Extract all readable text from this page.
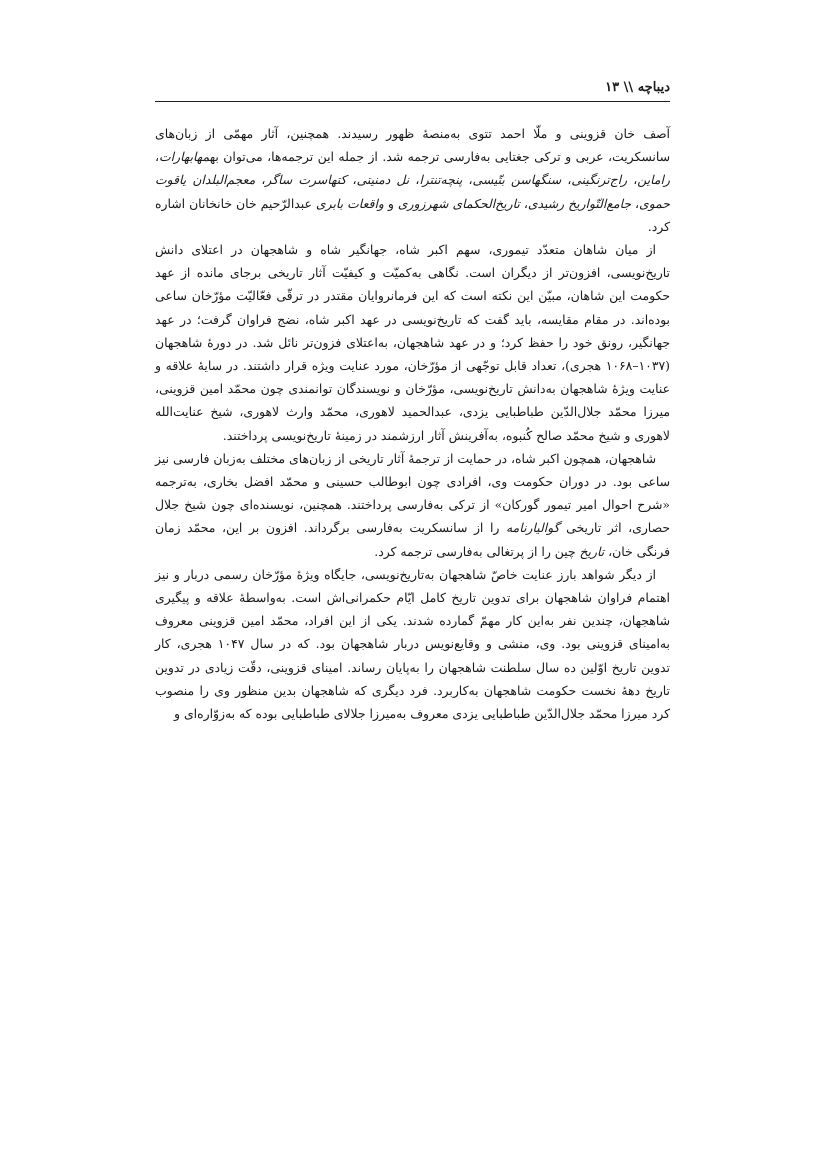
دیباچه \\ ۱۳

آصف خان قزوینی و ملّا احمد تتوی به‌منصهٔ ظهور رسیدند. همچنین، آثار مهمّی از زبان‌های سانسکریت، عربی و ترکی جغتایی به‌فارسی ترجمه شد. از جمله این ترجمه‌ها، می‌توان بهمهابهارات، راماین، راج‌ترنگینی، سنگهاسن بتّیسی، پنچه‌تنترا، نل دمنیتی، کتهاسرت ساگر، معجم‌البلدان یاقوت حموی، جامع‌التّواریخ رشیدی، تاریخ‌الحکمای شهرزوری و واقعات بابری عبدالرّحیم خان خانخانان اشاره کرد.

از میان شاهان متعدّد تیموری، سهم اکبر شاه، جهانگیر شاه و شاهجهان در اعتلای دانش تاریخ‌نویسی، افزون‌تر از دیگران است. نگاهی به‌کمیّت و کیفیّت آثار تاریخی برجای مانده از عهد حکومت این شاهان، مبیّن این نکته است که این فرمانروایان مقتدر در ترقّی فعّالیّت مؤرّخان ساعی بوده‌اند. در مقام مقایسه، باید گفت که تاریخ‌نویسی در عهد اکبر شاه، نضج فراوان گرفت؛ در عهد جهانگیر، رونق خود را حفظ کرد؛ و در عهد شاهجهان، به‌اعتلای فزون‌تر نائل شد. در دورهٔ شاهجهان (۱۰۳۷–۱۰۶۸ هجری)، تعداد قابل توجّهی از مؤرّخان، مورد عنایت ویژه قرار داشتند. در سایهٔ علاقه و عنایت ویژهٔ شاهجهان به‌دانش تاریخ‌نویسی، مؤرّخان و نویسندگان توانمندی چون محمّد امین قزوینی، میرزا محمّد جلال‌الدّین طباطبایی یزدی، عبدالحمید لاهوری، محمّد وارث لاهوری، شیخ عنایت‌الله لاهوری و شیخ محمّد صالح کُنبوه، به‌آفرینش آثار ارزشمند در زمینهٔ تاریخ‌نویسی پرداختند.

شاهجهان، همچون اکبر شاه، در حمایت از ترجمهٔ آثار تاریخی از زبان‌های مختلف به‌زبان فارسی نیز ساعی بود. در دوران حکومت وی، افرادی چون ابوطالب حسینی و محمّد افضل بخاری، به‌ترجمه «شرح احوال امیر تیمور گورکان» از ترکی به‌فارسی پرداختند. همچنین، نویسنده‌ای چون شیخ جلال حصاری، اثر تاریخی گوالیارنامه را از سانسکریت به‌فارسی برگرداند. افزون بر این، محمّد زمان فرنگی خان، تاریخ چین را از پرتغالی به‌فارسی ترجمه کرد.

از دیگر شواهد بارز عنایت خاصّ شاهجهان به‌تاریخ‌نویسی، جایگاه ویژهٔ مؤرّخان رسمی دربار و نیز اهتمام فراوان شاهجهان برای تدوین تاریخ کامل ایّام حکمرانی‌اش است. به‌واسطهٔ علاقه و پیگیری شاهجهان، چندین نفر به‌این کار مهمّ گمارده شدند. یکی از این افراد، محمّد امین قزوینی معروف به‌امینای قزوینی بود. وی، منشی و وقایع‌نویس دربار شاهجهان بود. که در سال ۱۰۴۷ هجری، کار تدوین تاریخ اوّلین ده سال سلطنت شاهجهان را به‌پایان رساند. امینای قزوینی، دقّت زیادی در تدوین تاریخ دهۀ نخست حکومت شاهجهان به‌کاربرد. فرد دیگری که شاهجهان بدین منظور وی را منصوب کرد میرزا محمّد جلال‌الدّین طباطبایی یزدی معروف به‌میرزا جلالای طباطبایی بوده که به‌زوّاره‌ای و
